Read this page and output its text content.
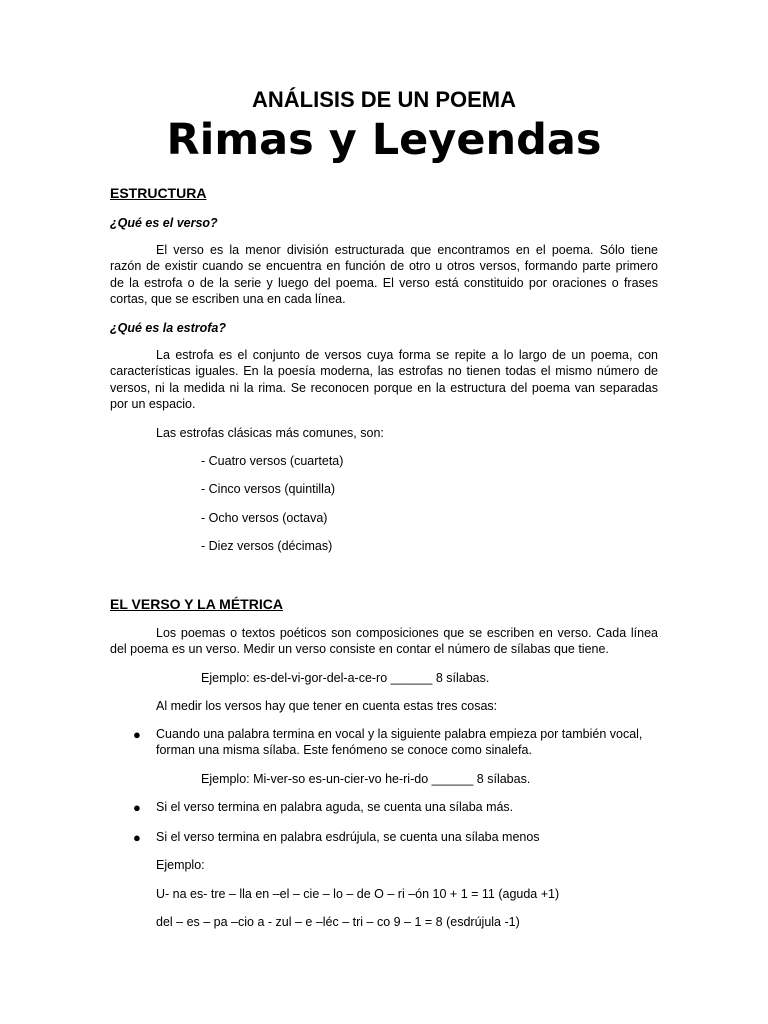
ANÁLISIS DE UN POEMA

Rimas y Leyendas

ESTRUCTURA

¿Qué es el verso?

El verso es la menor división estructurada que encontramos en el poema. Sólo tiene
razón de existir cuando se encuentra en función de otro u otros versos, formando parte primero
de la estrofa o de la serie y luego del poema. El verso está constituido por oraciones o frases
cortas, que se escriben una en cada línea.

¿Qué es la estrofa?

La estrofa es el conjunto de versos cuya forma se repite a lo largo de un poema, con
características iguales. En la poesía moderna, las estrofas no tienen todas el mismo número de
versos, ni la medida ni la rima. Se reconocen porque en la estructura del poema van separadas
por un espacio.

Las estrofas clásicas más comunes, son:

- Cuatro versos (cuarteta)

- Cinco versos (quintilla)

- Ocho versos (octava)

- Diez versos (décimas)

EL VERSO Y LA MÉTRICA

Los poemas o textos poéticos son composiciones que se escriben en verso. Cada línea
del poema es un verso. Medir un verso consiste en contar el número de sílabas que tiene.

Ejemplo: es-del-vi-gor-del-a-ce-ro ______ 8 sílabas.

Al medir los versos hay que tener en cuenta estas tres cosas:

● Cuando una palabra termina en vocal y la siguiente palabra empieza por también vocal,
forman una misma sílaba. Este fenómeno se conoce como sinalefa.

Ejemplo: Mi-ver-so es-un-cier-vo he-ri-do ______ 8 sílabas.

● Si el verso termina en palabra aguda, se cuenta una sílaba más.

● Si el verso termina en palabra esdrújula, se cuenta una sílaba menos

Ejemplo:

U- na es- tre – lla en –el – cie – lo – de O – ri –ón 10 + 1 = 11 (aguda +1)

del – es – pa –cio a - zul – e –léc – tri – co 9 – 1 = 8 (esdrújula -1)
